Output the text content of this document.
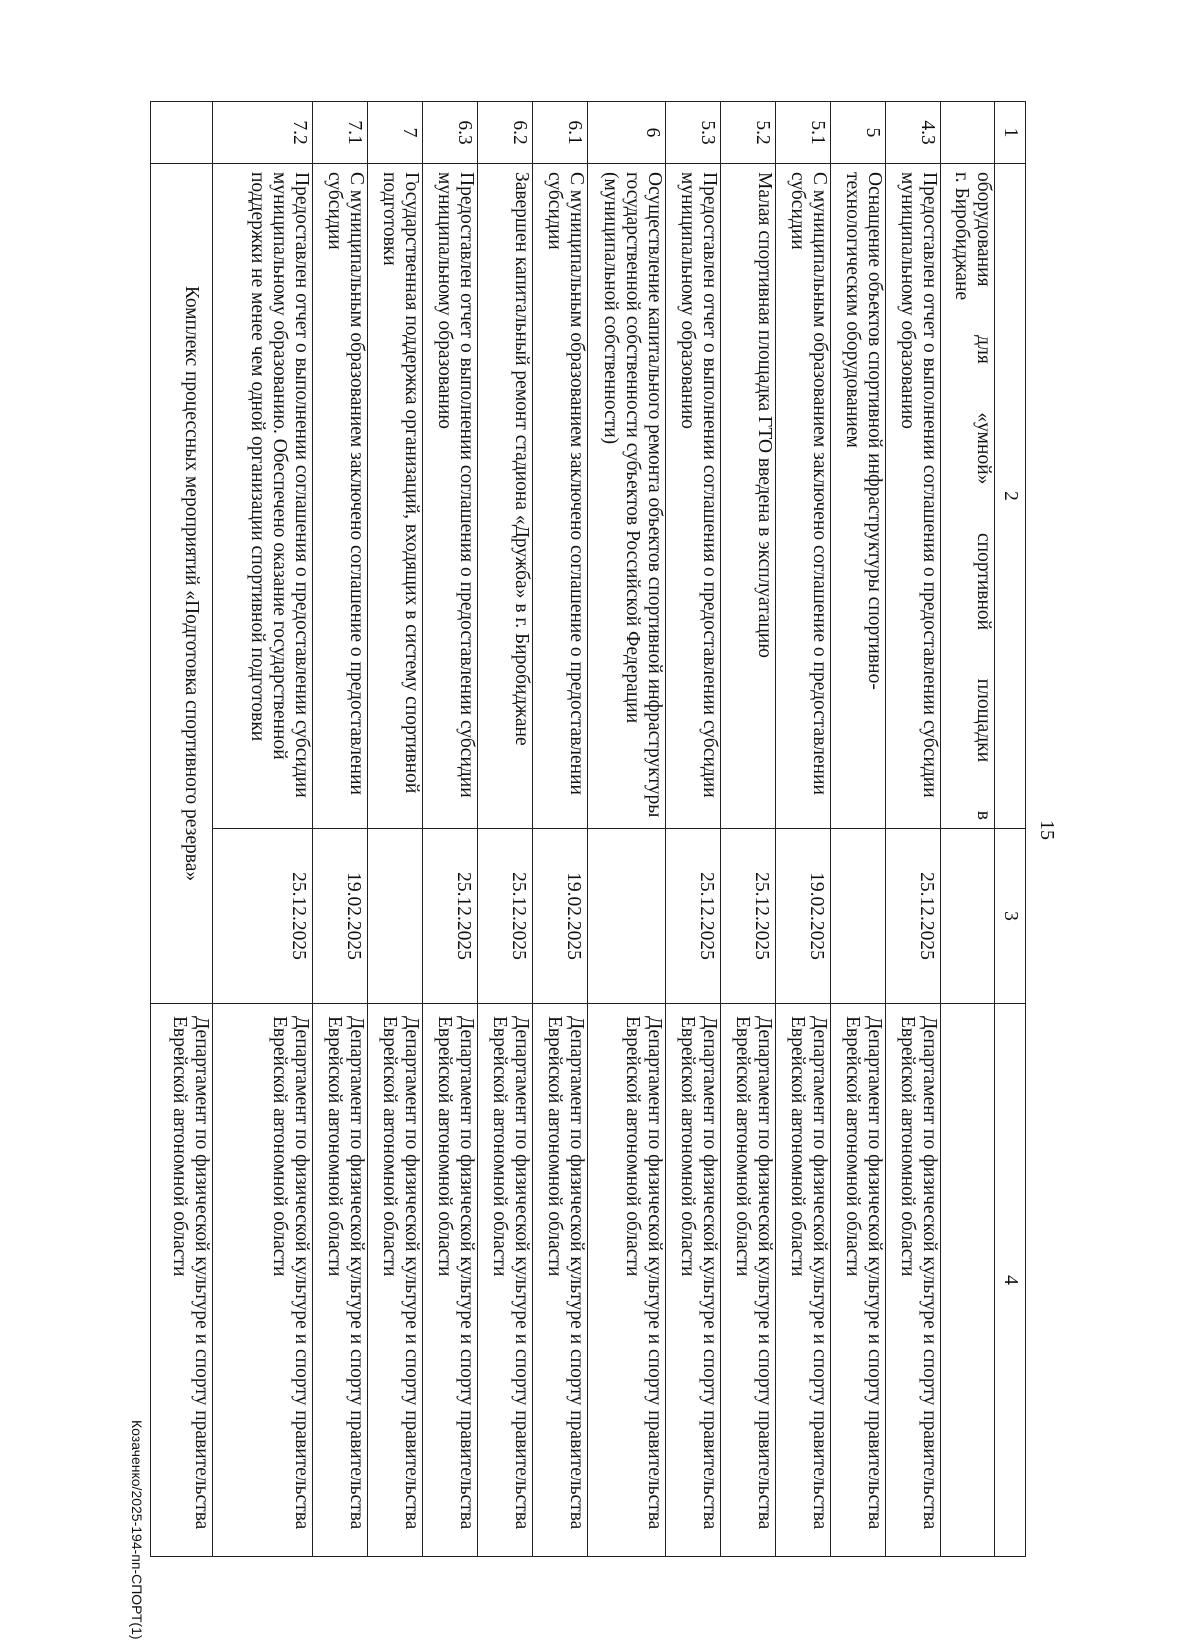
15
1	2	3	4

	оборудования для «умной» спортивной площадки в
г. Биробиджане		
4.3	Предоставлен отчет о выполнении соглашения о предоставлении субсидии муниципальному образованию	25.12.2025	Департамент по физической культуре и спорту правительства Еврейской автономной области
5	Оснащение объектов спортивной инфраструктуры спортивно-технологическим оборудованием		Департамент по физической культуре и спорту правительства Еврейской автономной области
5.1	С муниципальным образованием заключено соглашение о предоставлении субсидии	19.02.2025	Департамент по физической культуре и спорту правительства Еврейской автономной области
5.2	Малая спортивная площадка ГТО введена в эксплуатацию	25.12.2025	Департамент по физической культуре и спорту правительства Еврейской автономной области
5.3	Предоставлен отчет о выполнении соглашения о предоставлении субсидии муниципальному образованию	25.12.2025	Департамент по физической культуре и спорту правительства Еврейской автономной области
6	Осуществление капитального ремонта объектов спортивной инфраструктуры государственной собственности субъектов Российской Федерации (муниципальной собственности)		Департамент по физической культуре и спорту правительства Еврейской автономной области
6.1	С муниципальным образованием заключено соглашение о предоставлении субсидии	19.02.2025	Департамент по физической культуре и спорту правительства Еврейской автономной области
6.2	Завершен капитальный ремонт стадиона «Дружба» в г. Биробиджане	25.12.2025	Департамент по физической культуре и спорту правительства Еврейской автономной области
6.3	Предоставлен отчет о выполнении соглашения о предоставлении субсидии муниципальному образованию	25.12.2025	Департамент по физической культуре и спорту правительства Еврейской автономной области
7	Государственная поддержка организаций, входящих в систему спортивной подготовки		Департамент по физической культуре и спорту правительства Еврейской автономной области
7.1	С муниципальным образованием заключено соглашение о предоставлении субсидии	19.02.2025	Департамент по физической культуре и спорту правительства Еврейской автономной области
7.2	Предоставлен отчет о выполнении соглашения о предоставлении субсидии муниципальному образованию. Обеспечено оказание государственной поддержки не менее чем одной организации спортивной подготовки	25.12.2025	Департамент по физической культуре и спорту правительства Еврейской автономной области
	Комплекс процессных мероприятий «Подготовка спортивного резерва»		Департамент по физической культуре и спорту правительства Еврейской автономной области
Козаченко/2025-194-пп-СПОРТ(1)
